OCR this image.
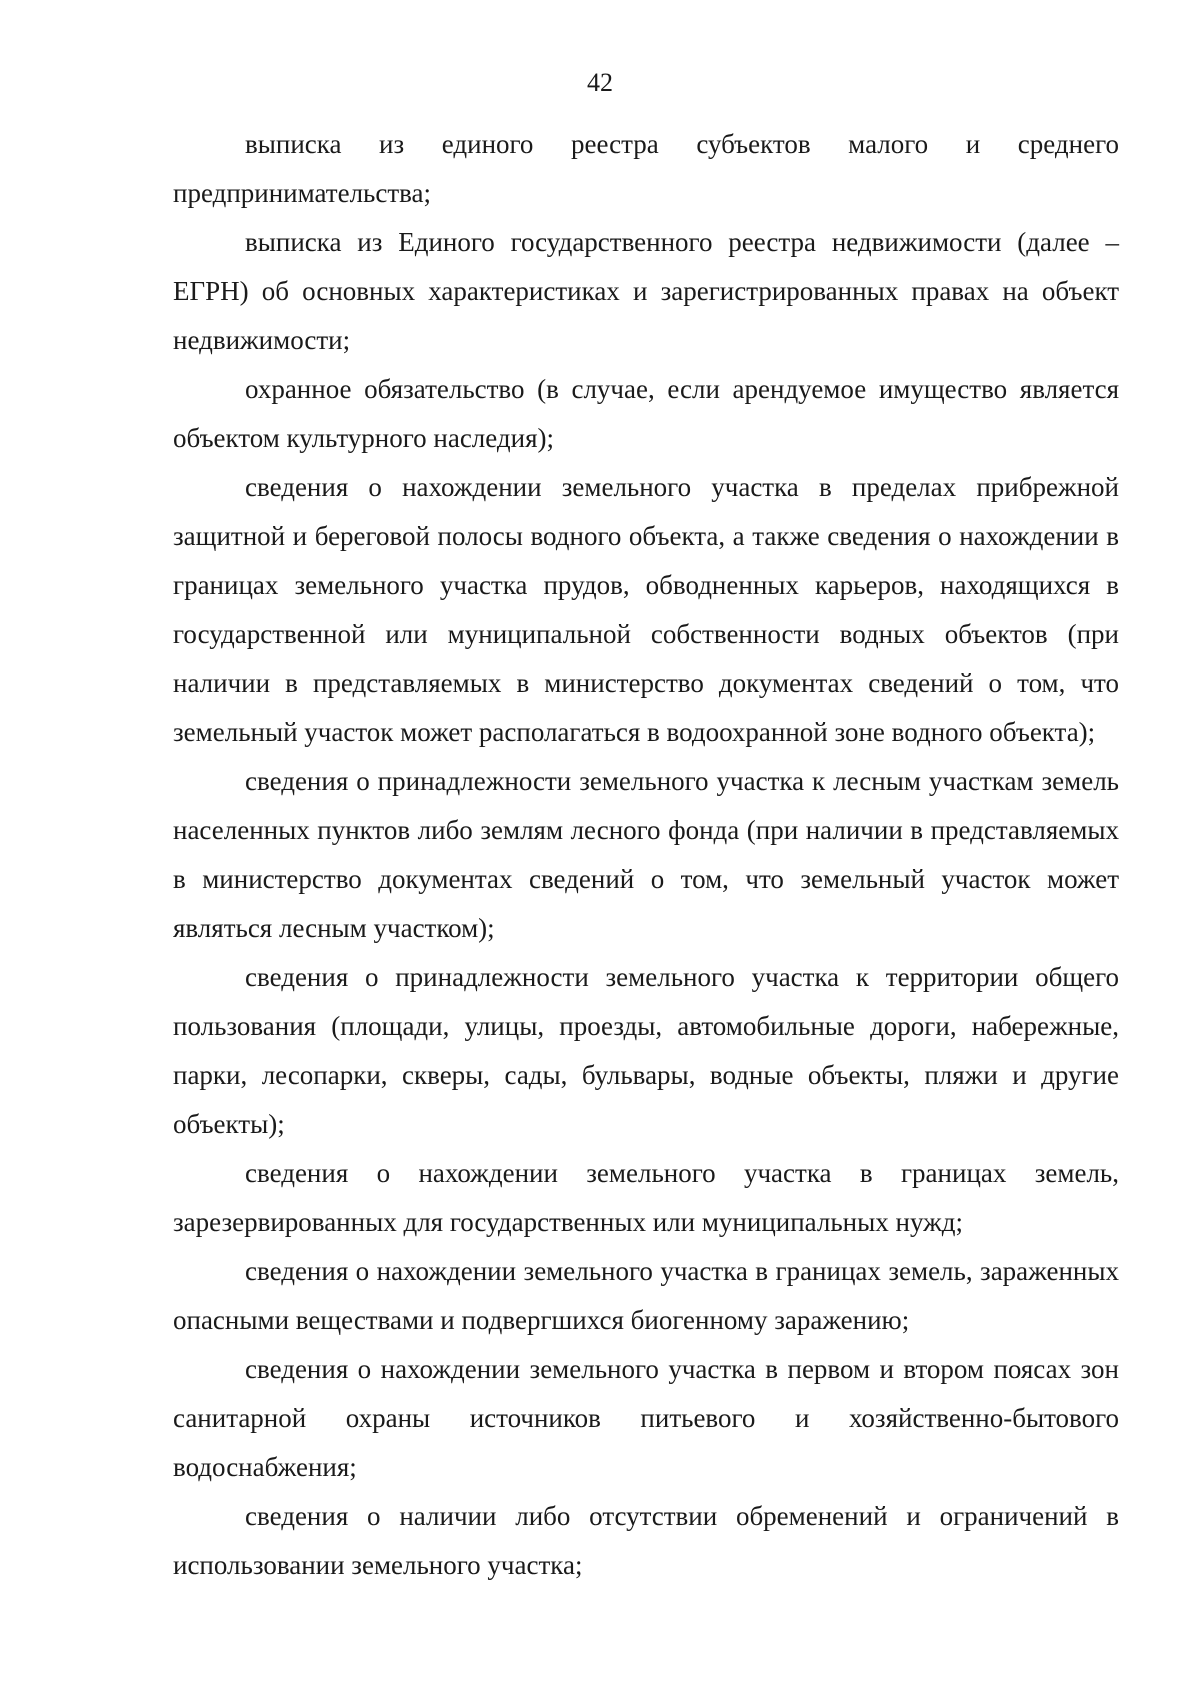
42

выписка из единого реестра субъектов малого и среднего предпринимательства;

выписка из Единого государственного реестра недвижимости (далее – ЕГРН) об основных характеристиках и зарегистрированных правах на объект недвижимости;

охранное обязательство (в случае, если арендуемое имущество является объектом культурного наследия);

сведения о нахождении земельного участка в пределах прибрежной защитной и береговой полосы водного объекта, а также сведения о нахождении в границах земельного участка прудов, обводненных карьеров, находящихся в государственной или муниципальной собственности водных объектов (при наличии в представляемых в министерство документах сведений о том, что земельный участок может располагаться в водоохранной зоне водного объекта);

сведения о принадлежности земельного участка к лесным участкам земель населенных пунктов либо землям лесного фонда (при наличии в представляемых в министерство документах сведений о том, что земельный участок может являться лесным участком);

сведения о принадлежности земельного участка к территории общего пользования (площади, улицы, проезды, автомобильные дороги, набережные, парки, лесопарки, скверы, сады, бульвары, водные объекты, пляжи и другие объекты);

сведения о нахождении земельного участка в границах земель, зарезервированных для государственных или муниципальных нужд;

сведения о нахождении земельного участка в границах земель, зараженных опасными веществами и подвергшихся биогенному заражению;

сведения о нахождении земельного участка в первом и втором поясах зон санитарной охраны источников питьевого и хозяйственно-бытового водоснабжения;

сведения о наличии либо отсутствии обременений и ограничений в использовании земельного участка;
